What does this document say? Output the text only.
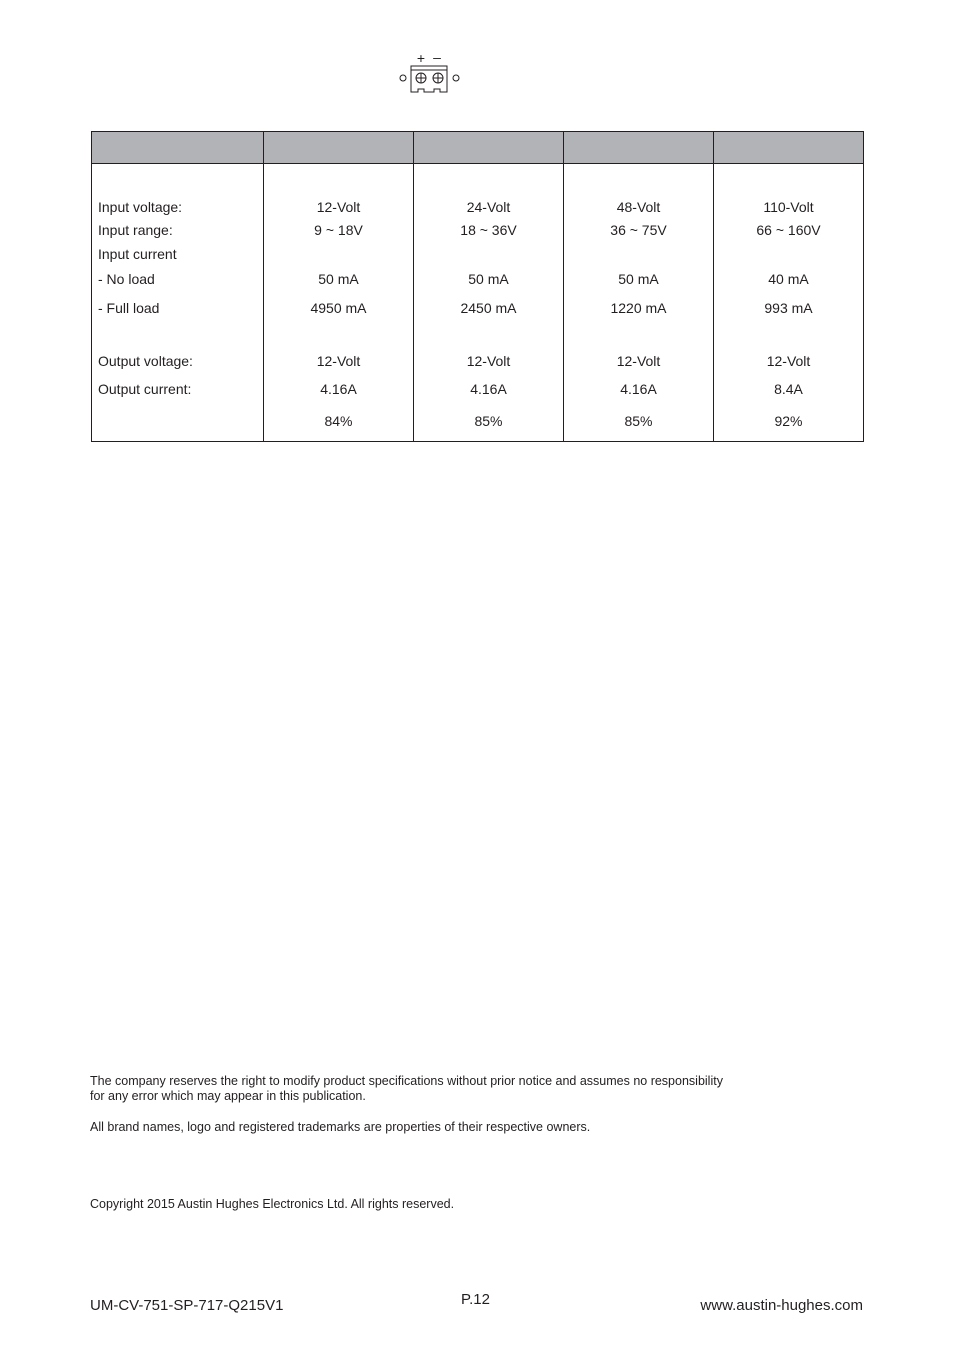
+ –

Input voltage:	12-Volt	24-Volt	48-Volt	110-Volt
Input range:	9 ~ 18V	18 ~ 36V	36 ~ 75V	66 ~ 160V
Input current				
- No load	50 mA	50 mA	50 mA	40 mA
- Full load	4950 mA	2450 mA	1220 mA	993 mA
Output voltage:	12-Volt	12-Volt	12-Volt	12-Volt
Output current:	4.16A	4.16A	4.16A	8.4A
	84%	85%	85%	92%
The company reserves the right to modify product specifications without prior notice and assumes no responsibility
for any error which may appear in this publication.
All brand names, logo and registered trademarks are properties of their respective owners.
Copyright 2015 Austin Hughes Electronics Ltd. All rights reserved.
UM-CV-751-SP-717-Q215V1	P.12	www.austin-hughes.com
